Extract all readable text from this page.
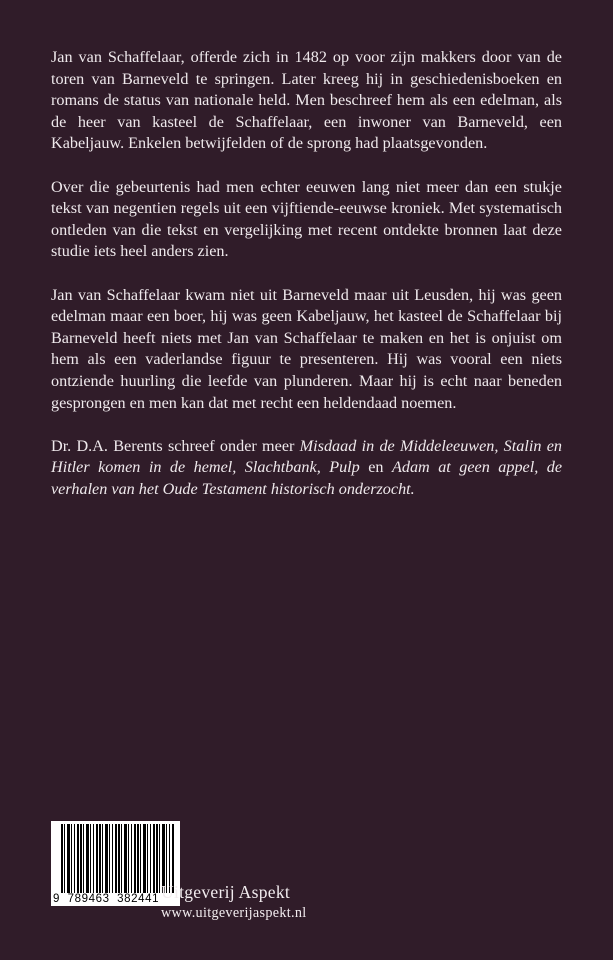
Jan van Schaffelaar, offerde zich in 1482 op voor zijn makkers door van de toren van Barneveld te springen. Later kreeg hij in geschiedenisboeken en romans de status van nationale held. Men beschreef hem als een edelman, als de heer van kasteel de Schaffelaar, een inwoner van Barneveld, een Kabeljauw. Enkelen betwijfelden of de sprong had plaatsgevonden.

Over die gebeurtenis had men echter eeuwen lang niet meer dan een stukje tekst van negentien regels uit een vijftiende-eeuwse kroniek. Met systematisch ontleden van die tekst en vergelijking met recent ontdekte bronnen laat deze studie iets heel anders zien.

Jan van Schaffelaar kwam niet uit Barneveld maar uit Leusden, hij was geen edelman maar een boer, hij was geen Kabeljauw, het kasteel de Schaffelaar bij Barneveld heeft niets met Jan van Schaffelaar te maken en het is onjuist om hem als een vaderlandse figuur te presenteren. Hij was vooral een niets ontziende huurling die leefde van plunderen. Maar hij is echt naar beneden gesprongen en men kan dat met recht een heldendaad noemen.

Dr. D.A. Berents schreef onder meer Misdaad in de Middeleeuwen, Stalin en Hitler komen in de hemel, Slachtbank, Pulp en Adam at geen appel, de verhalen van het Oude Testament historisch onderzocht.

9  789463  382441 Uitgeverij Aspekt
www.uitgeverijaspekt.nl
